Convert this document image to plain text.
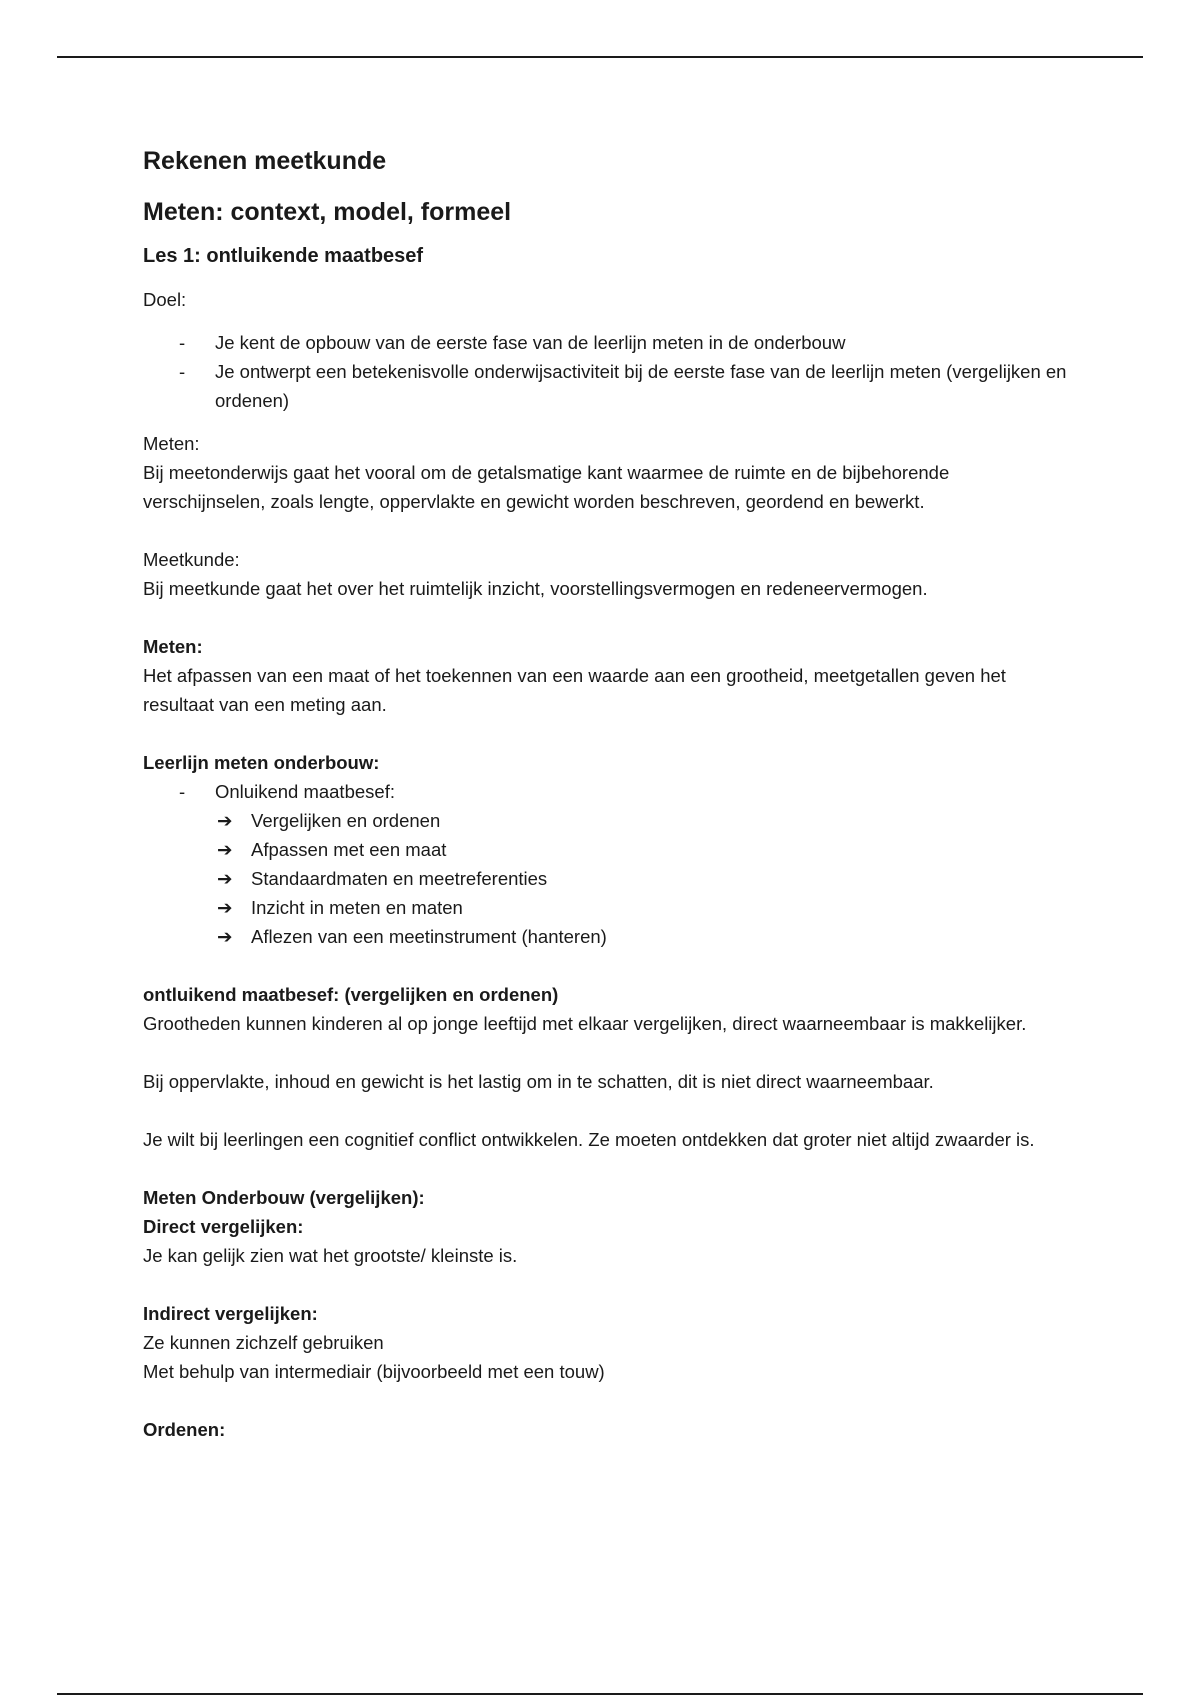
Rekenen meetkunde
Meten: context, model, formeel
Les 1: ontluikende maatbesef
Doel:
- Je kent de opbouw van de eerste fase van de leerlijn meten in de onderbouw
- Je ontwerpt een betekenisvolle onderwijsactiviteit bij de eerste fase van de leerlijn meten (vergelijken en ordenen)
Meten:
Bij meetonderwijs gaat het vooral om de getalsmatige kant waarmee de ruimte en de bijbehorende verschijnselen, zoals lengte, oppervlakte en gewicht worden beschreven, geordend en bewerkt.
Meetkunde:
Bij meetkunde gaat het over het ruimtelijk inzicht, voorstellingsvermogen en redeneervermogen.
Meten:
Het afpassen van een maat of het toekennen van een waarde aan een grootheid, meetgetallen geven het resultaat van een meting aan.
Leerlijn meten onderbouw:
- Onluikend maatbesef:
➔ Vergelijken en ordenen
➔ Afpassen met een maat
➔ Standaardmaten en meetreferenties
➔ Inzicht in meten en maten
➔ Aflezen van een meetinstrument (hanteren)
ontluikend maatbesef: (vergelijken en ordenen)
Grootheden kunnen kinderen al op jonge leeftijd met elkaar vergelijken, direct waarneembaar is makkelijker.
Bij oppervlakte, inhoud en gewicht is het lastig om in te schatten, dit is niet direct waarneembaar.
Je wilt bij leerlingen een cognitief conflict ontwikkelen. Ze moeten ontdekken dat groter niet altijd zwaarder is.
Meten Onderbouw (vergelijken):
Direct vergelijken:
Je kan gelijk zien wat het grootste/ kleinste is.
Indirect vergelijken:
Ze kunnen zichzelf gebruiken
Met behulp van intermediair (bijvoorbeeld met een touw)
Ordenen:
